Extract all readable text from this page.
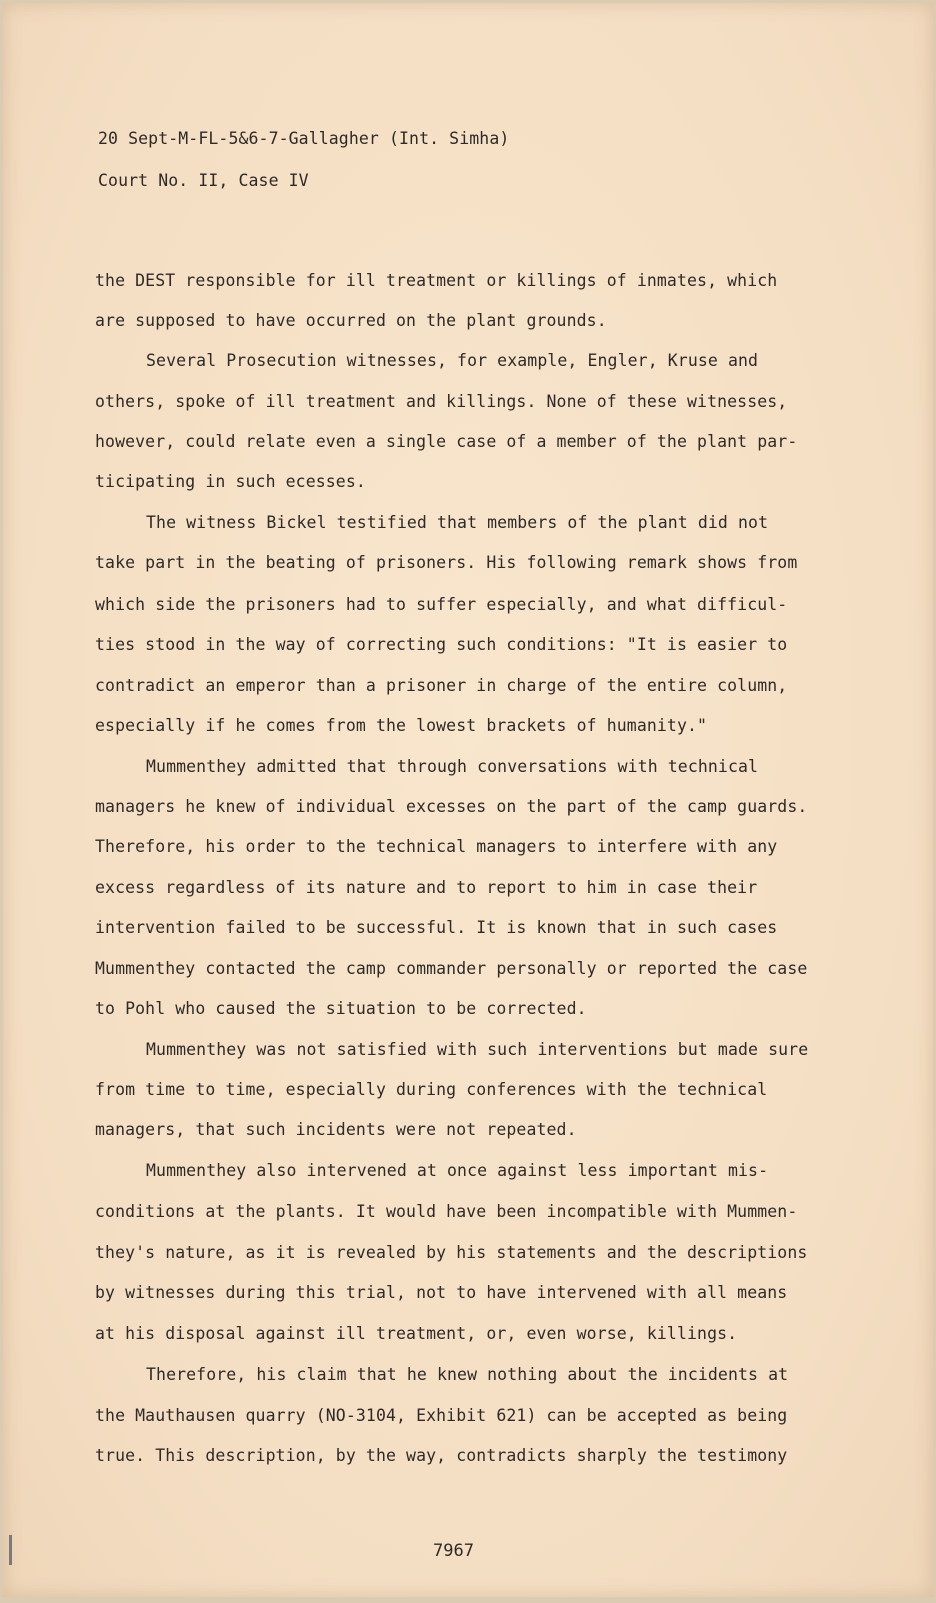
20 Sept-M-FL-5&6-7-Gallagher (Int. Simha)
Court No. II, Case IV
the DEST responsible for ill treatment or killings of inmates, which
are supposed to have occurred on the plant grounds.
Several Prosecution witnesses, for example, Engler, Kruse and
others, spoke of ill treatment and killings. None of these witnesses,
however, could relate even a single case of a member of the plant par-
ticipating in such ecesses.
The witness Bickel testified that members of the plant did not
take part in the beating of prisoners. His following remark shows from
which side the prisoners had to suffer especially, and what difficul-
ties stood in the way of correcting such conditions: "It is easier to
contradict an emperor than a prisoner in charge of the entire column,
especially if he comes from the lowest brackets of humanity."
Mummenthey admitted that through conversations with technical
managers he knew of individual excesses on the part of the camp guards.
Therefore, his order to the technical managers to interfere with any
excess regardless of its nature and to report to him in case their
intervention failed to be successful. It is known that in such cases
Mummenthey contacted the camp commander personally or reported the case
to Pohl who caused the situation to be corrected.
Mummenthey was not satisfied with such interventions but made sure
from time to time, especially during conferences with the technical
managers, that such incidents were not repeated.
Mummenthey also intervened at once against less important mis-
conditions at the plants. It would have been incompatible with Mummen-
they's nature, as it is revealed by his statements and the descriptions
by witnesses during this trial, not to have intervened with all means
at his disposal against ill treatment, or, even worse, killings.
Therefore, his claim that he knew nothing about the incidents at
the Mauthausen quarry (NO-3104, Exhibit 621) can be accepted as being
true. This description, by the way, contradicts sharply the testimony
7967
